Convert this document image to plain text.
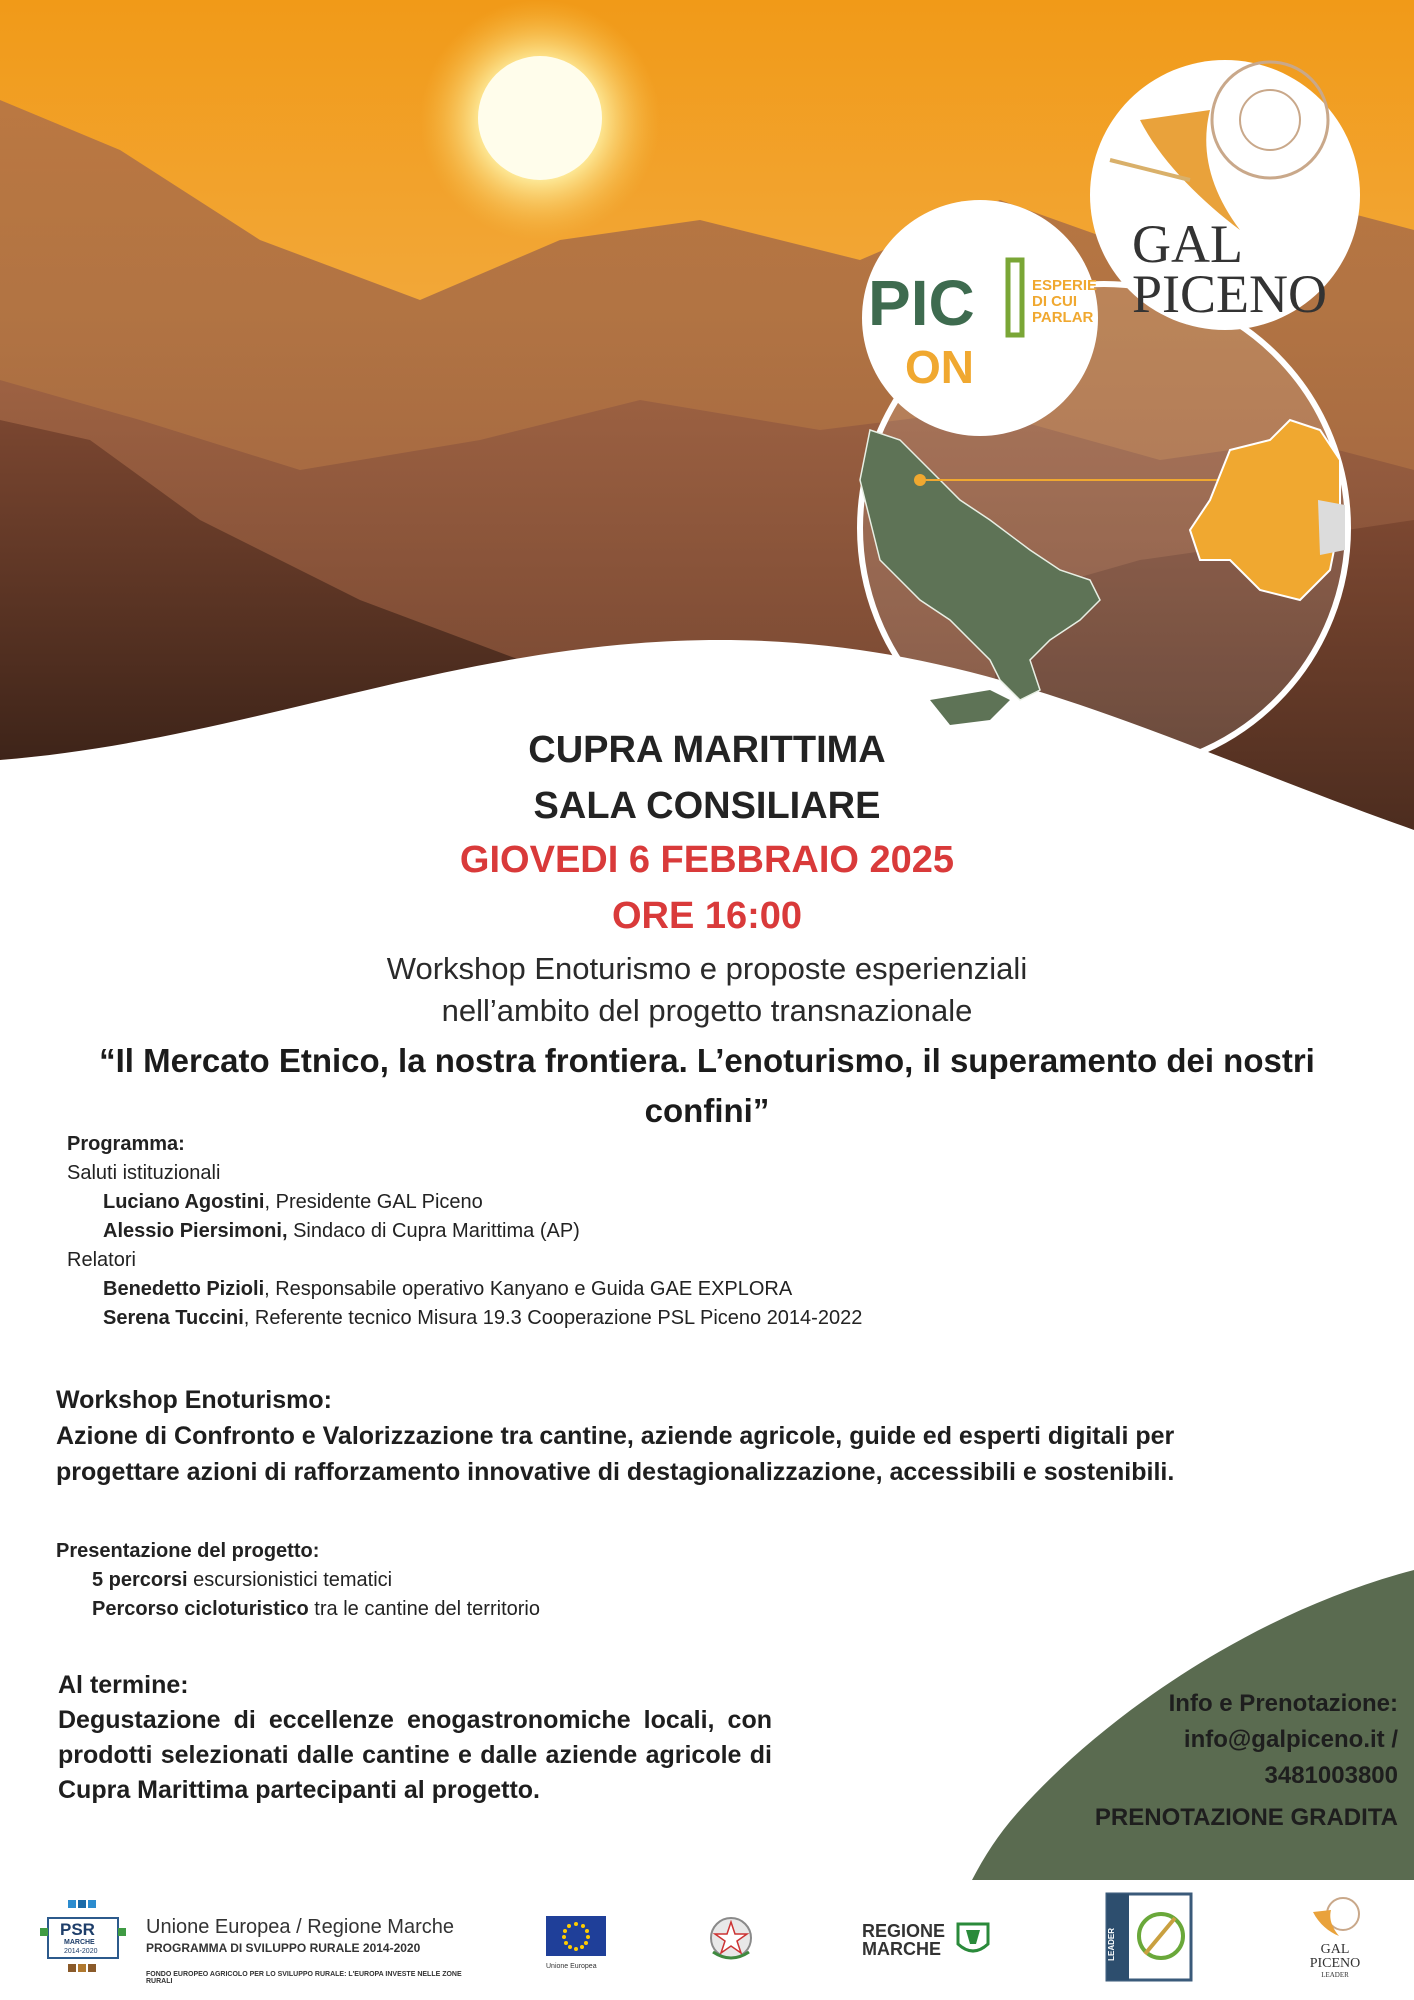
PIC
ON
ESPERIE
DI CUI
PARLAR
GAL
PICENO
CUPRA MARITTIMA
SALA CONSILIARE
GIOVEDI 6 FEBBRAIO 2025
ORE 16:00
Workshop Enoturismo e proposte esperienziali
nell’ambito del progetto transnazionale
“Il Mercato Etnico, la nostra frontiera. L’enoturismo, il superamento dei nostri confini”
Programma:
Saluti istituzionali
Luciano Agostini, Presidente GAL Piceno
Alessio Piersimoni, Sindaco di Cupra Marittima (AP)
Relatori
Benedetto Pizioli, Responsabile operativo Kanyano e Guida GAE EXPLORA
Serena Tuccini, Referente tecnico Misura 19.3 Cooperazione PSL Piceno 2014-2022
Workshop Enoturismo:
Azione di Confronto e Valorizzazione tra cantine, aziende agricole, guide ed esperti digitali per
progettare azioni di rafforzamento innovative di destagionalizzazione, accessibili e sostenibili.
Presentazione del progetto:
5 percorsi escursionistici tematici
Percorso cicloturistico tra le cantine del territorio
Al termine:
Degustazione di eccellenze enogastronomiche locali, con prodotti selezionati dalle cantine e dalle aziende agricole di Cupra Marittima partecipanti al progetto.
Info e Prenotazione:
info@galpiceno.it /
3481003800
PRENOTAZIONE GRADITA
PSR
MARCHE
2014-2020
Unione Europea / Regione Marche
PROGRAMMA DI SVILUPPO RURALE 2014-2020
FONDO EUROPEO AGRICOLO PER LO SVILUPPO RURALE: L'EUROPA INVESTE NELLE ZONE RURALI
Unione Europea
REGIONE
MARCHE	LEADER	GAL
PICENO
LEADER
